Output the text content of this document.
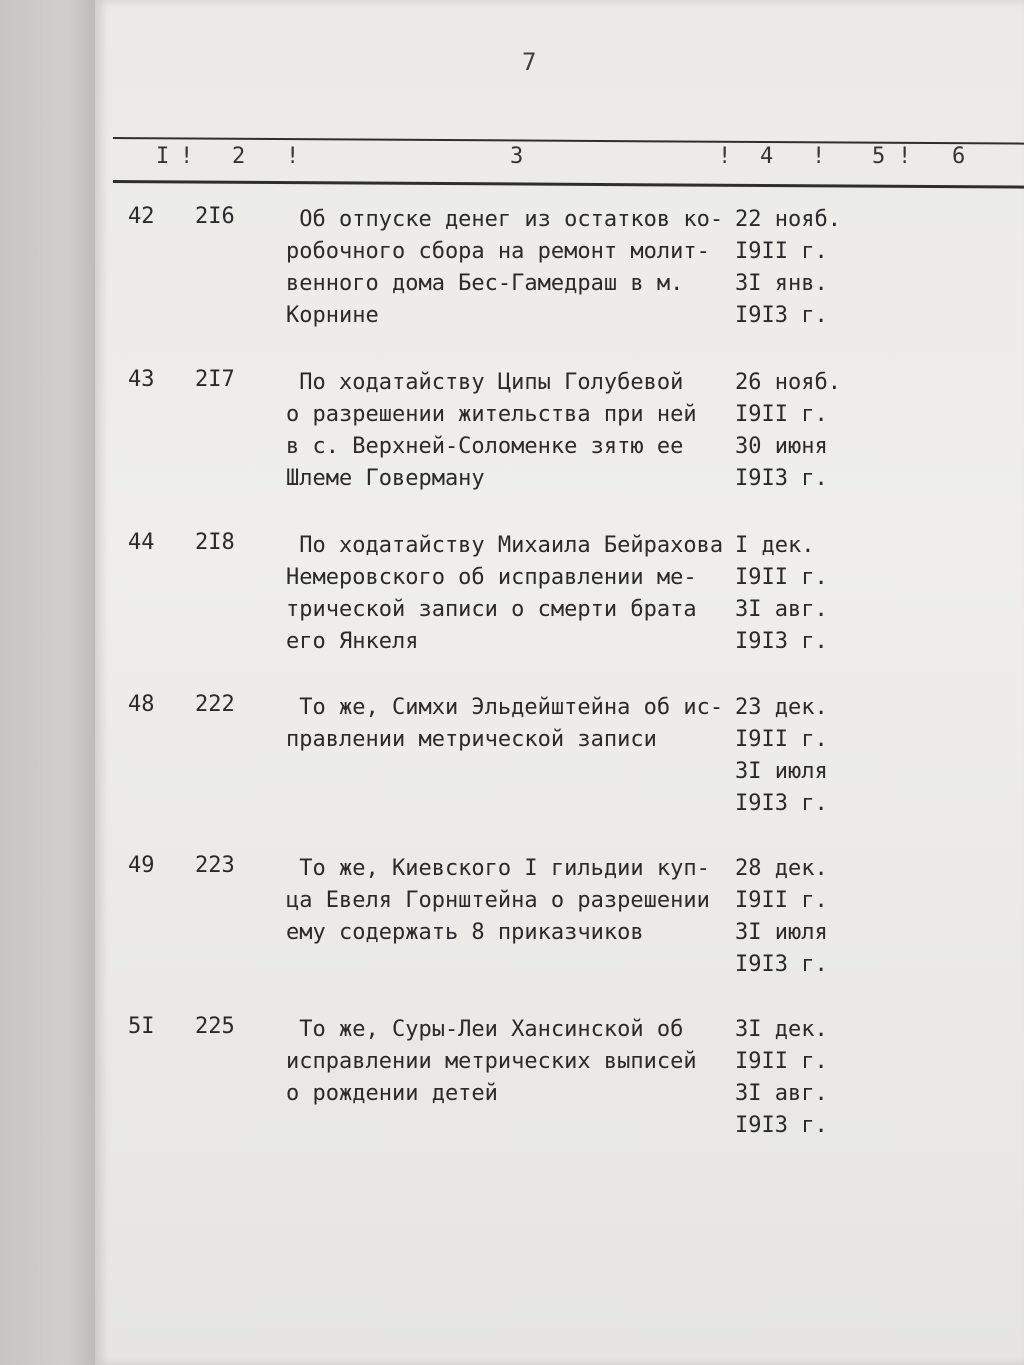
7
I ! 2 !	3	! 4 ! 5 ! 6
42 2I6 Об отпуске денег из остатков ко-
робочного сбора на ремонт молит-
венного дома Бес-Гамедраш в м.
Корнине
22 нояб.
I9II г.
3I янв.
I9I3 г.
43 2I7 По ходатайству Ципы Голубевой
о разрешении жительства при ней
в с. Верхней-Соломенке зятю ее
Шлеме Говерману
26 нояб.
I9II г.
30 июня
I9I3 г.
44 2I8 По ходатайству Михаила Бейрахова
Немеровского об исправлении ме-
трической записи о смерти брата
его Янкеля
I дек.
I9II г.
3I авг.
I9I3 г.
48 222 То же, Симхи Эльдейштейна об ис-
правлении метрической записи
23 дек.
I9II г.
3I июля
I9I3 г.
49 223 То же, Киевского I гильдии куп-
ца Евеля Горнштейна о разрешении
ему содержать 8 приказчиков
28 дек.
I9II г.
3I июля
I9I3 г.
5I 225 То же, Суры-Леи Хансинской об
исправлении метрических выписей
о рождении детей
3I дек.
I9II г.
3I авг.
I9I3 г.
